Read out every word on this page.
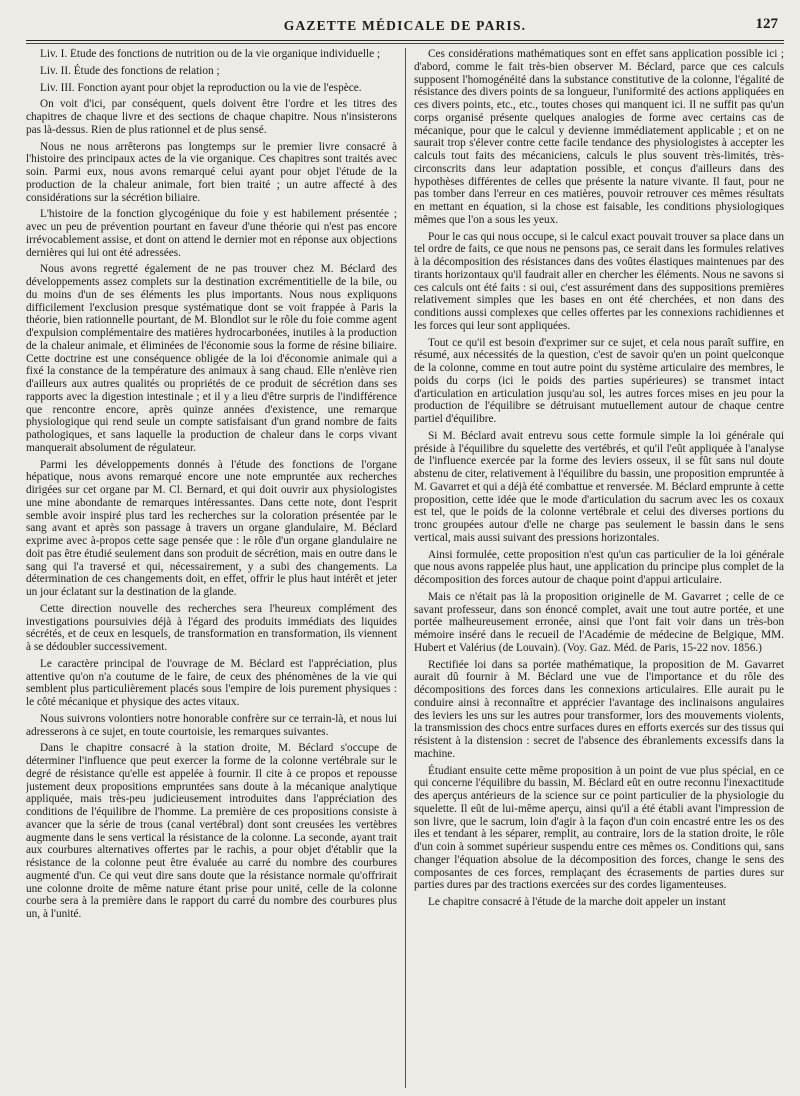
GAZETTE MÉDICALE DE PARIS.	127

Liv. I. Étude des fonctions de nutrition ou de la vie organique individuelle ;

Liv. II. Étude des fonctions de relation ;

Liv. III. Fonction ayant pour objet la reproduction ou la vie de l'espèce.

On voit d'ici, par conséquent, quels doivent être l'ordre et les titres des chapitres de chaque livre et des sections de chaque chapitre. Nous n'insisterons pas là-dessus. Rien de plus rationnel et de plus sensé.

Nous ne nous arrêterons pas longtemps sur le premier livre consacré à l'histoire des principaux actes de la vie organique. Ces chapitres sont traités avec soin. Parmi eux, nous avons remarqué celui ayant pour objet l'étude de la production de la chaleur animale, fort bien traité ; un autre affecté à des considérations sur la sécrétion biliaire.

L'histoire de la fonction glycogénique du foie y est habilement présentée ; avec un peu de prévention pourtant en faveur d'une théorie qui n'est pas encore irrévocablement assise, et dont on attend le dernier mot en réponse aux objections dernières qui lui ont été adressées.

Nous avons regretté également de ne pas trouver chez M. Béclard des développements assez complets sur la destination excrémentitielle de la bile, ou du moins d'un de ses éléments les plus importants. Nous nous expliquons difficilement l'exclusion presque systématique dont se voit frappée à Paris la théorie, bien rationnelle pourtant, de M. Blondlot sur le rôle du foie comme agent d'expulsion complémentaire des matières hydrocarbonées, inutiles à la production de la chaleur animale, et éliminées de l'économie sous la forme de résine biliaire. Cette doctrine est une conséquence obligée de la loi d'économie animale qui a fixé la constance de la température des animaux à sang chaud. Elle n'enlève rien d'ailleurs aux autres qualités ou propriétés de ce produit de sécrétion dans ses rapports avec la digestion intestinale ; et il y a lieu d'être surpris de l'indifférence que rencontre encore, après quinze années d'existence, une remarque physiologique qui rend seule un compte satisfaisant d'un grand nombre de faits pathologiques, et sans laquelle la production de chaleur dans le corps vivant manquerait absolument de régulateur.

Parmi les développements donnés à l'étude des fonctions de l'organe hépatique, nous avons remarqué encore une note empruntée aux recherches dirigées sur cet organe par M. Cl. Bernard, et qui doit ouvrir aux physiologistes une mine abondante de remarques intéressantes. Dans cette note, dont l'esprit semble avoir inspiré plus tard les recherches sur la coloration présentée par le sang avant et après son passage à travers un organe glandulaire, M. Béclard exprime avec à-propos cette sage pensée que : le rôle d'un organe glandulaire ne doit pas être étudié seulement dans son produit de sécrétion, mais en outre dans le sang qui l'a traversé et qui, nécessairement, y a subi des changements. La détermination de ces changements doit, en effet, offrir le plus haut intérêt et jeter un jour éclatant sur la destination de la glande.

Cette direction nouvelle des recherches sera l'heureux complément des investigations poursuivies déjà à l'égard des produits immédiats des liquides sécrétés, et de ceux en lesquels, de transformation en transformation, ils viennent à se dédoubler successivement.

Le caractère principal de l'ouvrage de M. Béclard est l'appréciation, plus attentive qu'on n'a coutume de le faire, de ceux des phénomènes de la vie qui semblent plus particulièrement placés sous l'empire de lois purement physiques : le côté mécanique et physique des actes vitaux.

Nous suivrons volontiers notre honorable confrère sur ce terrain-là, et nous lui adresserons à ce sujet, en toute courtoisie, les remarques suivantes.

Dans le chapitre consacré à la station droite, M. Béclard s'occupe de déterminer l'influence que peut exercer la forme de la colonne vertébrale sur le degré de résistance qu'elle est appelée à fournir. Il cite à ce propos et repousse justement deux propositions empruntées sans doute à la mécanique analytique appliquée, mais très-peu judicieusement introduites dans l'appréciation des conditions de l'équilibre de l'homme. La première de ces propositions consiste à avancer que la série de trous (canal vertébral) dont sont creusées les vertèbres augmente dans le sens vertical la résistance de la colonne. La seconde, ayant trait aux courbures alternatives offertes par le rachis, a pour objet d'établir que la résistance de la colonne peut être évaluée au carré du nombre des courbures augmenté d'un. Ce qui veut dire sans doute que la résistance normale qu'offrirait une colonne droite de même nature étant prise pour unité, celle de la colonne courbe sera à la première dans le rapport du carré du nombre des courbures plus un, à l'unité.

Ces considérations mathématiques sont en effet sans application possible ici ; d'abord, comme le fait très-bien observer M. Béclard, parce que ces calculs supposent l'homogénéité dans la substance constitutive de la colonne, l'égalité de résistance des divers points de sa longueur, l'uniformité des actions appliquées en ces divers points, etc., etc., toutes choses qui manquent ici. Il ne suffit pas qu'un corps organisé présente quelques analogies de forme avec certains cas de mécanique, pour que le calcul y devienne immédiatement applicable ; et on ne saurait trop s'élever contre cette facile tendance des physiologistes à accepter les calculs tout faits des mécaniciens, calculs le plus souvent très-limités, très-circonscrits dans leur adaptation possible, et conçus d'ailleurs dans des hypothèses différentes de celles que présente la nature vivante. Il faut, pour ne pas tomber dans l'erreur en ces matières, pouvoir retrouver ces mêmes résultats en mettant en équation, si la chose est faisable, les conditions physiologiques mêmes que l'on a sous les yeux.

Pour le cas qui nous occupe, si le calcul exact pouvait trouver sa place dans un tel ordre de faits, ce que nous ne pensons pas, ce serait dans les formules relatives à la décomposition des résistances dans des voûtes élastiques maintenues par des tirants horizontaux qu'il faudrait aller en chercher les éléments. Nous ne savons si ces calculs ont été faits : si oui, c'est assurément dans des suppositions premières relativement simples que les bases en ont été cherchées, et non dans des conditions aussi complexes que celles offertes par les connexions rachidiennes et les forces qui leur sont appliquées.

Tout ce qu'il est besoin d'exprimer sur ce sujet, et cela nous paraît suffire, en résumé, aux nécessités de la question, c'est de savoir qu'en un point quelconque de la colonne, comme en tout autre point du système articulaire des membres, le poids du corps (ici le poids des parties supérieures) se transmet intact d'articulation en articulation jusqu'au sol, les autres forces mises en jeu pour la production de l'équilibre se détruisant mutuellement autour de chaque centre partiel d'équilibre.

Si M. Béclard avait entrevu sous cette formule simple la loi générale qui préside à l'équilibre du squelette des vertébrés, et qu'il l'eût appliquée à l'analyse de l'influence exercée par la forme des leviers osseux, il se fût sans nul doute abstenu de citer, relativement à l'équilibre du bassin, une proposition empruntée à M. Gavarret et qui a déjà été combattue et renversée. M. Béclard emprunte à cette proposition, cette idée que le mode d'articulation du sacrum avec les os coxaux est tel, que le poids de la colonne vertébrale et celui des diverses portions du tronc groupées autour d'elle ne charge pas seulement le bassin dans le sens vertical, mais aussi suivant des pressions horizontales.

Ainsi formulée, cette proposition n'est qu'un cas particulier de la loi générale que nous avons rappelée plus haut, une application du principe plus complet de la décomposition des forces autour de chaque point d'appui articulaire.

Mais ce n'était pas là la proposition originelle de M. Gavarret ; celle de ce savant professeur, dans son énoncé complet, avait une tout autre portée, et une portée malheureusement erronée, ainsi que l'ont fait voir dans un très-bon mémoire inséré dans le recueil de l'Académie de médecine de Belgique, MM. Hubert et Valérius (de Louvain). (Voy. Gaz. Méd. de Paris, 15-22 nov. 1856.)

Rectifiée loi dans sa portée mathématique, la proposition de M. Gavarret aurait dû fournir à M. Béclard une vue de l'importance et du rôle des décompositions des forces dans les connexions articulaires. Elle aurait pu le conduire ainsi à reconnaître et apprécier l'avantage des inclinaisons angulaires des leviers les uns sur les autres pour transformer, lors des mouvements violents, la transmission des chocs entre surfaces dures en efforts exercés sur des tissus qui résistent à la distension : secret de l'absence des ébranlements excessifs dans la machine.

Étudiant ensuite cette même proposition à un point de vue plus spécial, en ce qui concerne l'équilibre du bassin, M. Béclard eût en outre reconnu l'inexactitude des aperçus antérieurs de la science sur ce point particulier de la physiologie du squelette. Il eût de lui-même aperçu, ainsi qu'il a été établi avant l'impression de son livre, que le sacrum, loin d'agir à la façon d'un coin encastré entre les os des iles et tendant à les séparer, remplit, au contraire, lors de la station droite, le rôle d'un coin à sommet supérieur suspendu entre ces mêmes os. Conditions qui, sans changer l'équation absolue de la décomposition des forces, change le sens des composantes de ces forces, remplaçant des écrasements de parties dures sur parties dures par des tractions exercées sur des cordes ligamenteuses.

Le chapitre consacré à l'étude de la marche doit appeler un instant
